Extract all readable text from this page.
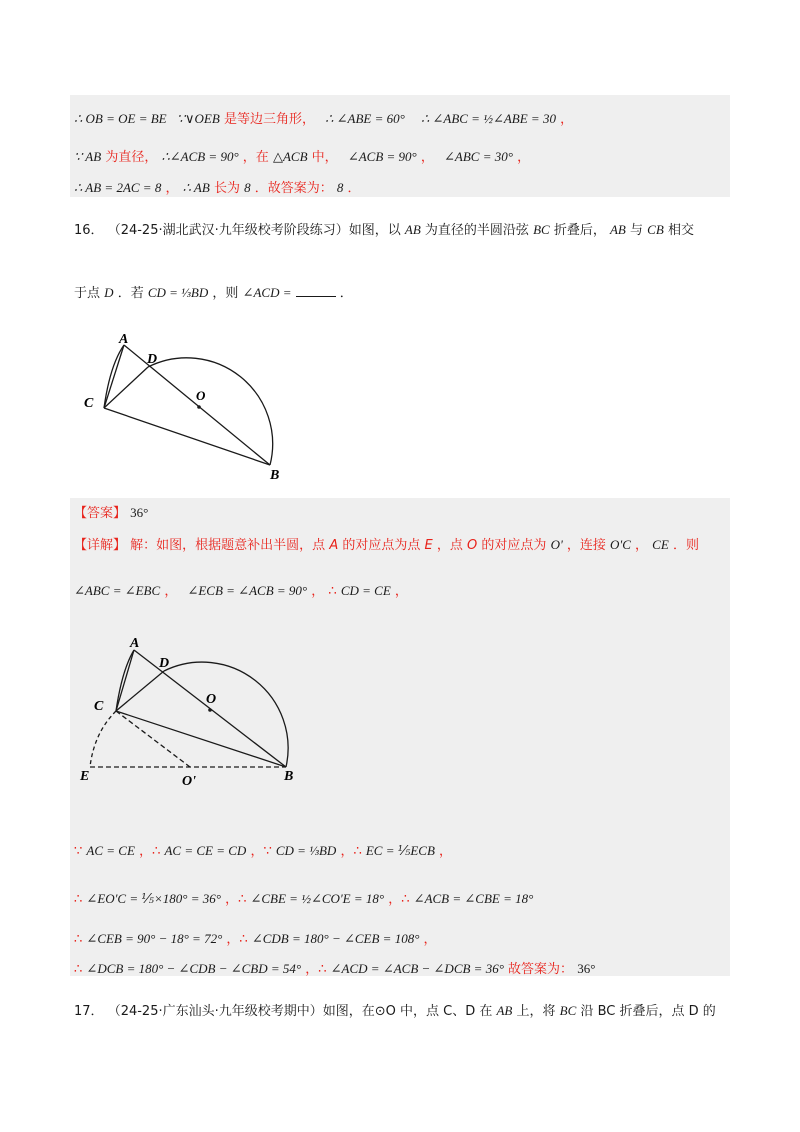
∴ OB = OE = BE ∵∨OEB 是等边三角形， ∴ ∠ABE = 60° ∴ ∠ABC = ½∠ABE = 30 ，
∵ AB 为直径， ∴∠ACB = 90° ，在 △ACB 中， ∠ACB = 90° ， ∠ABC = 30° ，
∴ AB = 2AC = 8 ， ∴ AB 长为 8 ．故答案为： 8 ．
16． （24-25·湖北武汉·九年级校考阶段练习）如图，以 AB 为直径的半圆沿弦 BC 折叠后， AB 与 CB 相交
于点 D ．若 CD = ⅓BD ，则 ∠ACD =	．
A
D
C
O
B
【答案】 36°
【详解】 解：如图，根据题意补出半圆，点 A 的对应点为点 E ，点 O 的对应点为 O' ，连接 O'C ， CE ．则
∠ABC = ∠EBC ， ∠ECB = ∠ACB = 90° ， ∴ CD = CE ，
A
D
C	O
E	O'	B
∵ AC = CE ，∴ AC = CE = CD ，∵ CD = ⅓BD ，∴ EC = ⅕ECB ，
∴ ∠EO'C = ⅕×180° = 36° ，∴ ∠CBE = ½∠CO'E = 18° ，∴ ∠ACB = ∠CBE = 18°
∴ ∠CEB = 90° − 18° = 72° ，∴ ∠CDB = 180° − ∠CEB = 108° ，
∴ ∠DCB = 180° − ∠CDB − ∠CBD = 54° ，∴ ∠ACD = ∠ACB − ∠DCB = 36° 故答案为： 36°
17． （24-25·广东汕头·九年级校考期中）如图，在⊙O 中，点 C、D 在 AB 上，将 BC 沿 BC 折叠后，点 D 的
